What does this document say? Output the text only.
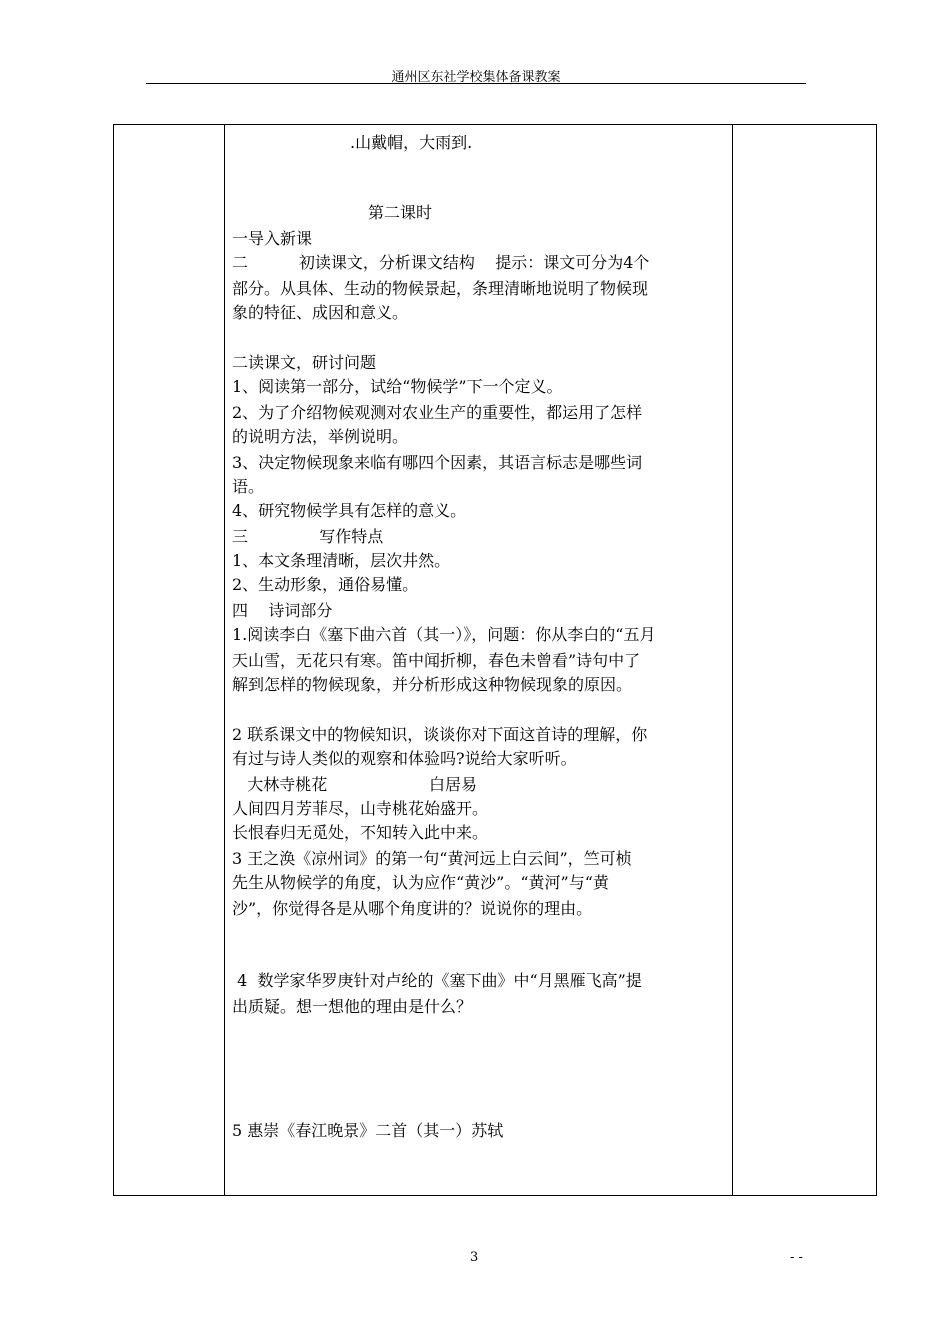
通州区东社学校集体备课教案
.山戴帽，大雨到.
第二课时
一导入新课
二          初读课文，分析课文结构    提示：课文可分为4个
部分。从具体、生动的物候景起，条理清晰地说明了物候现
象的特征、成因和意义。
二读课文，研讨问题
1、阅读第一部分，试给“物候学”下一个定义。
2、为了介绍物候观测对农业生产的重要性，都运用了怎样
的说明方法，举例说明。
3、决定物候现象来临有哪四个因素，其语言标志是哪些词
语。
4、研究物候学具有怎样的意义。
三              写作特点
1、本文条理清晰，层次井然。
2、生动形象，通俗易懂。
四    诗词部分
1.阅读李白《塞下曲六首（其一）》，问题：你从李白的“五月
天山雪，无花只有寒。笛中闻折柳，春色未曾看”诗句中了
解到怎样的物候现象，并分析形成这种物候现象的原因。
2 联系课文中的物候知识，谈谈你对下面这首诗的理解，你
有过与诗人类似的观察和体验吗?说给大家听听。
大林寺桃花                    白居易
人间四月芳菲尽，山寺桃花始盛开。
长恨春归无觅处，不知转入此中来。
3 王之涣《凉州词》的第一句“黄河远上白云间”，竺可桢
先生从物候学的角度，认为应作“黄沙”。“黄河”与“黄
沙”，你觉得各是从哪个角度讲的？说说你的理由。
4  数学家华罗庚针对卢纶的《塞下曲》中“月黑雁飞高”提
出质疑。想一想他的理由是什么？
5 惠崇《春江晚景》二首（其一）苏轼
3	- -
